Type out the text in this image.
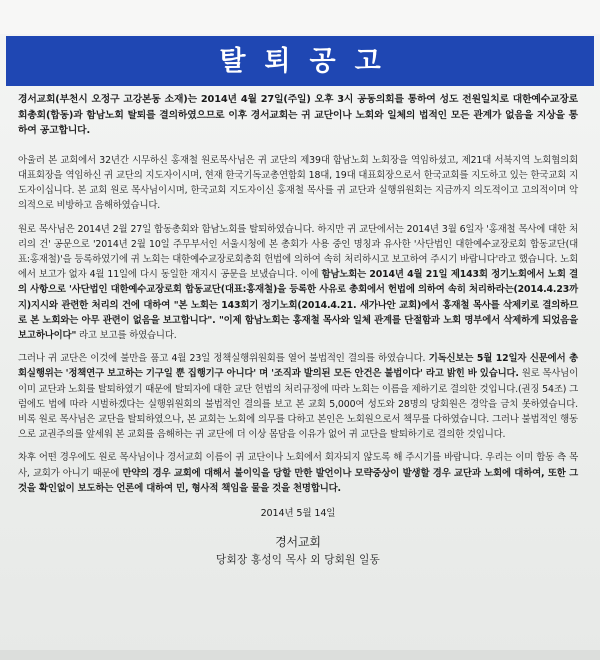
탈퇴공고

경서교회(부천시 오정구 고강본동 소재)는 2014년 4월 27일(주일) 오후 3시 공동의회를 통하여 성도 전원일치로 대한예수교장로회총회(합동)과 함남노회 탈퇴를 결의하였으므로 이후 경서교회는 귀 교단이나 노회와 일체의 법적인 모든 관계가 없음을 지상을 통하여 공고합니다.

아울러 본 교회에서 32년간 시무하신 홍재철 원로목사님은 귀 교단의 제39대 함남노회 노회장을 역임하셨고, 제21대 서북지역 노회협의회 대표회장을 역임하신 귀 교단의 지도자이시며, 현재 한국기독교총연합회 18대, 19대 대표회장으로서 한국교회를 지도하고 있는 한국교회 지도자이십니다. 본 교회 원로 목사님이시며, 한국교회 지도자이신 홍재철 목사를 귀 교단과 실행위원회는 지금까지 의도적이고 고의적이며 악의적으로 비방하고 음해하였습니다.

원로 목사님은 2014년 2월 27일 합동총회와 함남노회를 탈퇴하였습니다. 하지만 귀 교단에서는 2014년 3월 6일자 '홍재철 목사에 대한 처리의 건' 공문으로 '2014년 2월 10일 주무부서인 서울시청에 본 총회가 사용 중인 명칭과 유사한 '사단법인 대한예수교장로회 합동교단(대표:홍재철)'을 등록하였기에 귀 노회는 대한예수교장로회총회 헌법에 의하여 속히 처리하시고 보고하여 주시기 바랍니다'라고 했습니다. 노회에서 보고가 없자 4월 11일에 다시 동일한 재지시 공문을 보냈습니다. 이에 함남노회는 2014년 4월 21일 제143회 정기노회에서 노회 결의 사항으로 '사단법인 대한예수교장로회 합동교단(대표:홍재철)을 등록한 사유로 총회에서 헌법에 의하여 속히 처리하라는(2014.4.23까지)지시와 관련한 처리의 건에 대하여 "본 노회는 143회기 정기노회(2014.4.21. 새가나안 교회)에서 홍재철 목사를 삭제키로 결의하므로 본 노회와는 아무 관련이 없음을 보고합니다". "이제 함남노회는 홍재철 목사와 일체 관계를 단절함과 노회 명부에서 삭제하게 되었음을 보고하나이다" 라고 보고를 하였습니다.

그러나 귀 교단은 이것에 불만을 품고 4월 23일 정책실행위원회를 열어 불법적인 결의를 하였습니다. 기독신보는 5월 12일자 신문에서 총회실행위는 '정책연구 보고하는 기구일 뿐 집행기구 아니다' 며 '조직과 발의된 모든 안건은 불법이다' 라고 밝힌 바 있습니다. 원로 목사님이 이미 교단과 노회를 탈퇴하였기 때문에 탈퇴자에 대한 교단 헌법의 처리규정에 따라 노회는 이름을 제하기로 결의한 것입니다.(권징 54조) 그럼에도 법에 따라 시벌하겠다는 실행위원회의 불법적인 결의를 보고 본 교회 5,000여 성도와 28명의 당회원은 경악을 금치 못하였습니다. 비록 원로 목사님은 교단을 탈퇴하였으나, 본 교회는 노회에 의무를 다하고 본인은 노회원으로서 책무를 다하였습니다. 그러나 불법적인 행동으로 교권주의를 앞세워 본 교회를 음해하는 귀 교단에 더 이상 몸담을 이유가 없어 귀 교단을 탈퇴하기로 결의한 것입니다.

차후 어떤 경우에도 원로 목사님이나 경서교회 이름이 귀 교단이나 노회에서 회자되지 않도록 해 주시기를 바랍니다. 우리는 이미 합동 측 목사, 교회가 아니기 때문에 만약의 경우 교회에 대해서 불이익을 당할 만한 발언이나 모략중상이 발생할 경우 교단과 노회에 대하여, 또한 그것을 확인없이 보도하는 언론에 대하여 민, 형사적 책임을 물을 것을 천명합니다.

2014년 5월 14일
경서교회
당회장 홍성익 목사 외 당회원 일동
